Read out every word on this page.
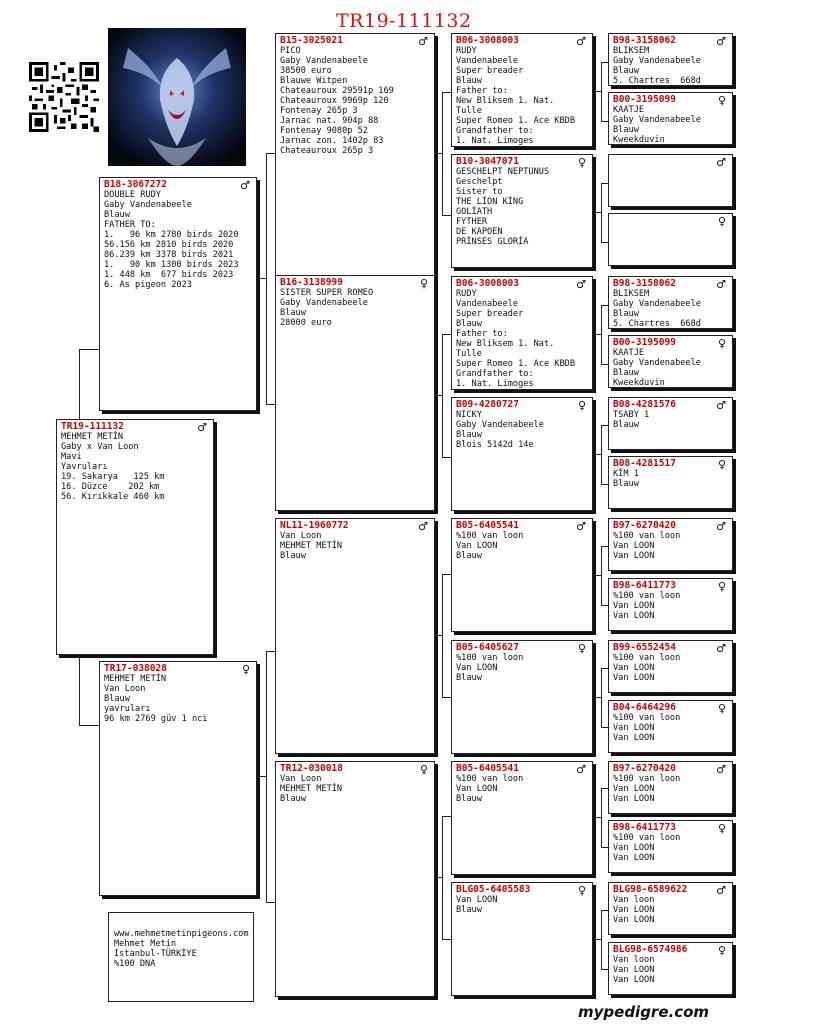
TR19-111132
TR19-111132	♂
MEHMET METİN
Gaby x Van Loon
Mavi
Yavruları
19. Sakarya   125 km
16. Düzce    202 km
56. Kırıkkale 460 km
B18-3067272	♂
DOUBLE RUDY
Gaby Vandenabeele
Blauw
FATHER TO:
1.   96 km 2780 birds 2020
56.156 km 2810 birds 2020
86.239 km 3378 birds 2021
1.   90 km 1300 birds 2023
1. 448 km  677 birds 2023
6. As pigeon 2023
TR17-038028	♀
MEHMET METİN
Van Loon
Blauw
yavruları
96 km 2769 güv 1 nci
B15-3025021	♂
PICO
Gaby Vandenabeele
38500 euro
Blauwe Witpen
Chateauroux 29591p 169
Chateauroux 9969p 120
Fontenay 265p 3
Jarnac nat. 904p 88
Fontenay 9080p 52
Jarnac zon. 1402p 83
Chateauroux 265p 3
B16-3138999	♀
SISTER SUPER ROMEO
Gaby Vandenabeele
Blauw
28000 euro
NL11-1960772	♂
Van Loon
MEHMET METİN
Blauw
TR12-030018	♀
Van Loon
MEHMET METİN
Blauw
B06-3008003	♂
RUDY
Vandenabeele
Super breader
Blauw
Father to:
New Bliksem 1. Nat.
Tulle
Super Romeo 1. Ace KBDB
Grandfather to:
1. Nat. Limoges
B10-3047071	♀
GESCHELPT NEPTUNUS
Geschelpt
Sister to
THE LİON KİNG
GOLİATH
FYTHER
DE KAPOEN
PRİNSES GLORİA
B06-3008003	♂
RUDY
Vandenabeele
Super breader
Blauw
Father to:
New Bliksem 1. Nat.
Tulle
Super Romeo 1. Ace KBDB
Grandfather to:
1. Nat. Limoges
B09-4280727	♀
NICKY
Gaby Vandenabeele
Blauw
Blois 5142d 14e
B05-6405541	♂
%100 van loon
Van LOON
Blauw
B05-6405627	♀
%100 van loon
Van LOON
Blauw
B05-6405541	♂
%100 van loon
Van LOON
Blauw
BLG05-6405583	♀
Van LOON
Blauw
B98-3158062	♂
BLIKSEM
Gaby Vandenabeele
Blauw
5. Chartres  668d
B00-3195099	♀
KAATJE
Gaby Vandenabeele
Blauw
Kweekduvin
♂
♀
B98-3158062	♂
BLIKSEM
Gaby Vandenabeele
Blauw
5. Chartres  668d
B00-3195099	♀
KAATJE
Gaby Vandenabeele
Blauw
Kweekduvin
B08-4281576	♂
TSABY 1
Blauw
B08-4281517	♀
KİM 1
Blauw
B97-6270420	♂
%100 van loon
Van LOON
Van LOON
B98-6411773	♀
%100 van loon
Van LOON
Van LOON
B99-6552454	♂
%100 van loon
Van LOON
Van LOON
B04-6464296	♀
%100 van loon
Van LOON
Van LOON
B97-6270420	♂
%100 van loon
Van LOON
Van LOON
B98-6411773	♀
%100 van loon
Van LOON
Van LOON
BLG98-6589622	♂
Van loon
Van LOON
Van LOON
BLG98-6574986	♀
Van loon
Van LOON
Van LOON
www.mehmetmetinpigeons.com
Mehmet Metin
Istanbul-TÜRKİYE
%100 DNA
mypedigre.com
